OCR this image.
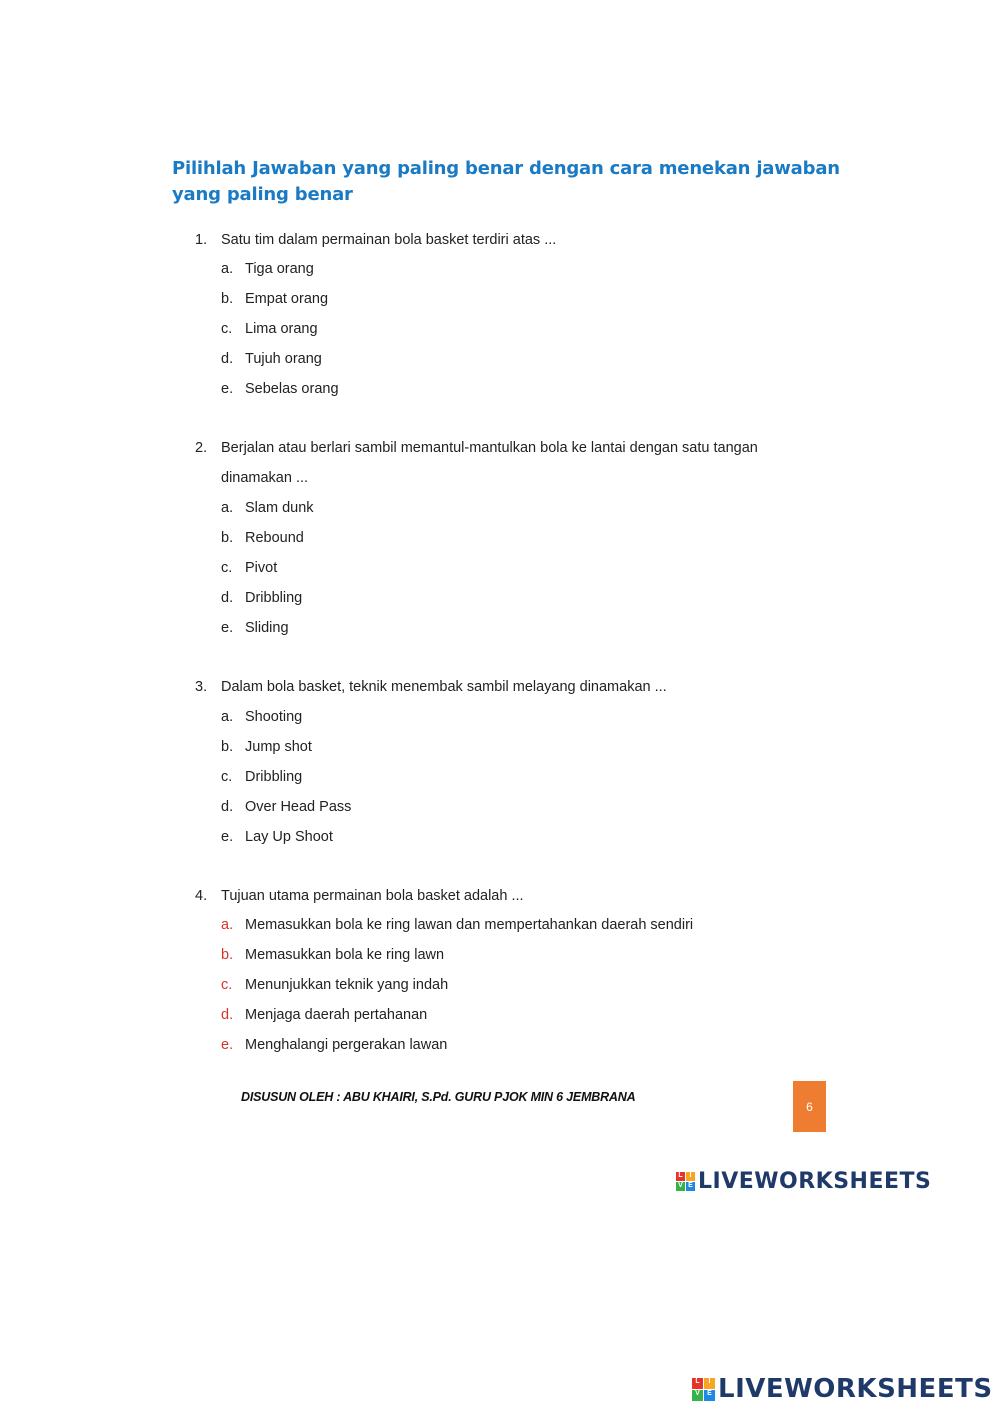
Pilihlah Jawaban yang paling benar dengan cara menekan jawaban yang paling benar
1. Satu tim dalam permainan bola basket terdiri atas ...
a. Tiga orang
b. Empat orang
c. Lima orang
d. Tujuh orang
e. Sebelas orang
2. Berjalan atau berlari sambil memantul-mantulkan bola ke lantai dengan satu tangan
dinamakan ...
a. Slam dunk
b. Rebound
c. Pivot
d. Dribbling
e. Sliding
3. Dalam bola basket, teknik menembak sambil melayang dinamakan ...
a. Shooting
b. Jump shot
c. Dribbling
d. Over Head Pass
e. Lay Up Shoot
4. Tujuan utama permainan bola basket adalah ...
a. Memasukkan bola ke ring lawan dan mempertahankan daerah sendiri
b. Memasukkan bola ke ring lawn
c. Menunjukkan teknik yang indah
d. Menjaga daerah pertahanan
e. Menghalangi pergerakan lawan
DISUSUN OLEH : ABU KHAIRI, S.Pd. GURU PJOK MIN 6 JEMBRANA
6
L I
V E LIVEWORKSHEETS
L	I
V	E LIVEWORKSHEETS
